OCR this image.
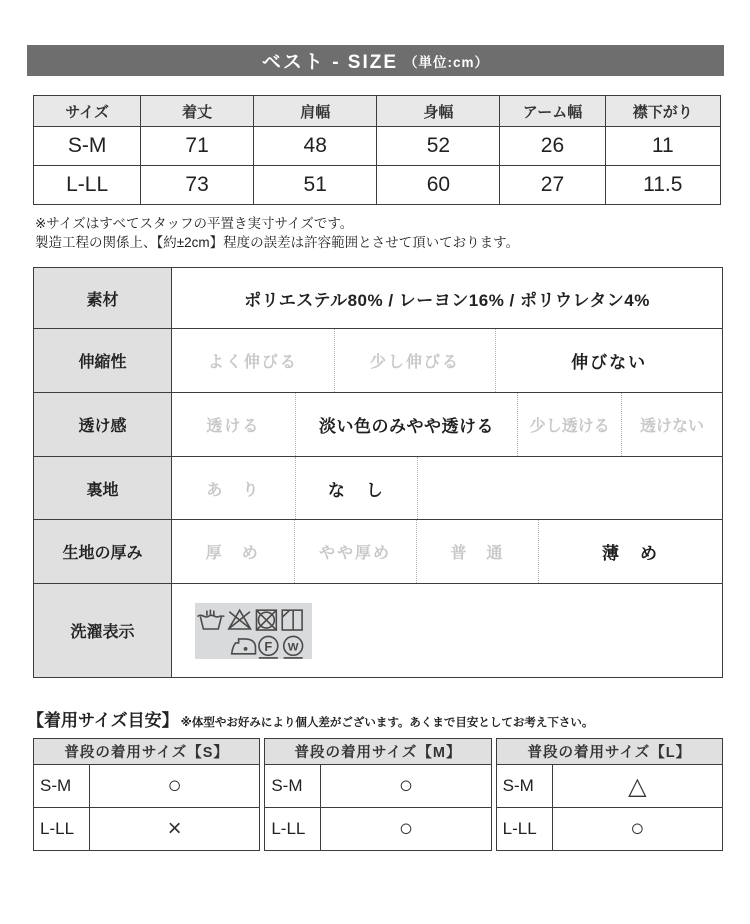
ベスト - SIZE （単位:cm）
サイズ	着丈	肩幅	身幅	アーム幅	襟下がり
S-M	71	48	52	26	11
L-LL	73	51	60	27	11.5
※サイズはすべてスタッフの平置き実寸サイズです。
製造工程の関係上、【約±2cm】程度の誤差は許容範囲とさせて頂いております。
素材	ポリエステル80% / レーヨン16% / ポリウレタン4%
伸縮性	よく伸びる	少し伸びる	伸びない
透け感	透ける	淡い色のみやや透ける	少し透ける	透けない
裏地	あ　り	な　し
生地の厚み	厚　め	やや厚め	普　通	薄　め
洗濯表示
F W
【着用サイズ目安】 ※体型やお好みにより個人差がございます。あくまで目安としてお考え下さい。
普段の着用サイズ【S】	
S-M	○
L-LL	×
普段の着用サイズ【M】	
S-M	○
L-LL	○
普段の着用サイズ【L】	
S-M	△
L-LL	○
